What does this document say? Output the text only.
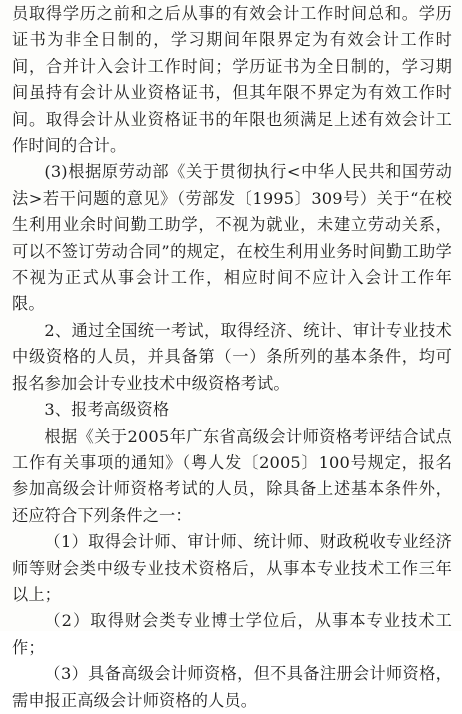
员取得学历之前和之后从事的有效会计工作时间总和。学历证书为非全日制的，学习期间年限界定为有效会计工作时间，合并计入会计工作时间；学历证书为全日制的，学习期间虽持有会计从业资格证书，但其年限不界定为有效工作时间。取得会计从业资格证书的年限也须满足上述有效会计工作时间的合计。

(3)根据原劳动部《关于贯彻执行<中华人民共和国劳动法>若干问题的意见》（劳部发〔1995〕309号）关于“在校生利用业余时间勤工助学，不视为就业，未建立劳动关系，可以不签订劳动合同”的规定，在校生利用业务时间勤工助学不视为正式从事会计工作，相应时间不应计入会计工作年限。

2、通过全国统一考试，取得经济、统计、审计专业技术中级资格的人员，并具备第（一）条所列的基本条件，均可报名参加会计专业技术中级资格考试。

3、报考高级资格

根据《关于2005年广东省高级会计师资格考评结合试点工作有关事项的通知》（粤人发〔2005〕100号规定，报名参加高级会计师资格考试的人员，除具备上述基本条件外，还应符合下列条件之一：

（1）取得会计师、审计师、统计师、财政税收专业经济师等财会类中级专业技术资格后，从事本专业技术工作三年以上；

（2）取得财会类专业博士学位后，从事本专业技术工作；

（3）具备高级会计师资格，但不具备注册会计师资格，需申报正高级会计师资格的人员。
